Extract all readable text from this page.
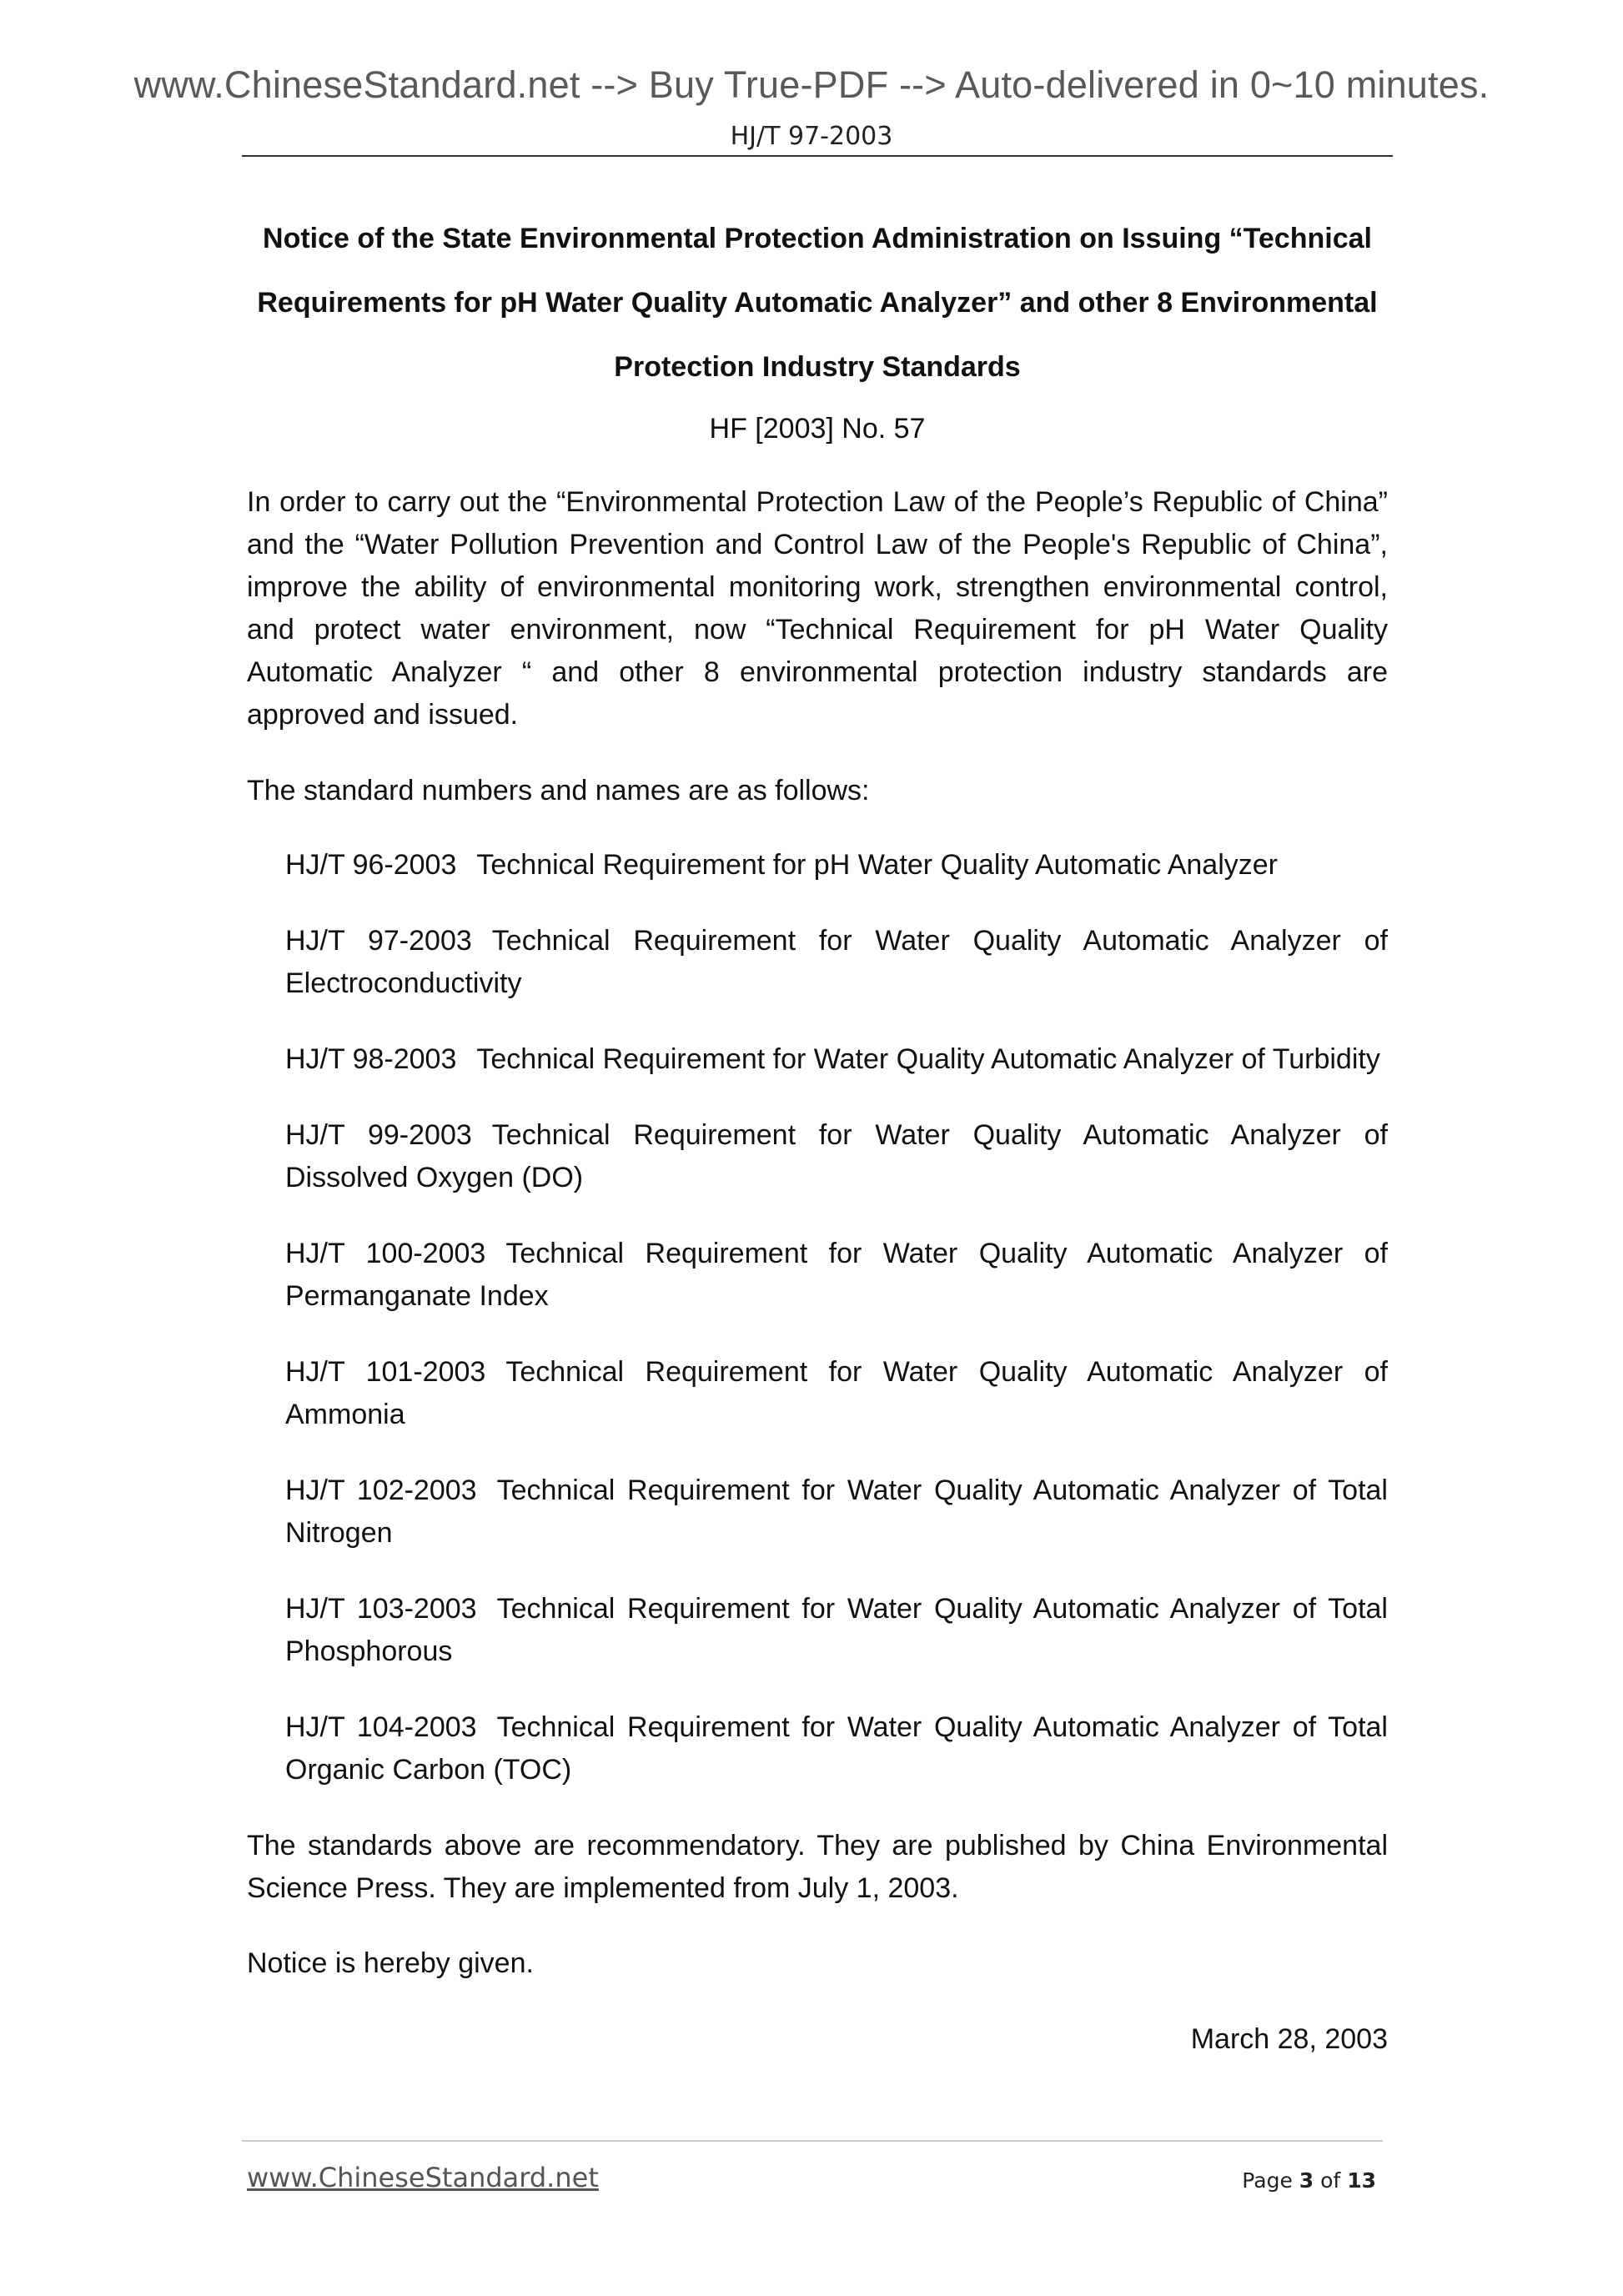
www.ChineseStandard.net --> Buy True-PDF --> Auto-delivered in 0~10 minutes.
HJ/T 97-2003

Notice of the State Environmental Protection Administration on Issuing “Technical

Requirements for pH Water Quality Automatic Analyzer” and other 8 Environmental

Protection Industry Standards

HF [2003] No. 57

In order to carry out the “Environmental Protection Law of the People’s Republic of China” and the “Water Pollution Prevention and Control Law of the People's Republic of China”, improve the ability of environmental monitoring work, strengthen environmental control, and protect water environment, now “Technical Requirement for pH Water Quality Automatic Analyzer “ and other 8 environmental protection industry standards are approved and issued.

The standard numbers and names are as follows:

HJ/T 96-2003 Technical Requirement for pH Water Quality Automatic Analyzer
HJ/T 97-2003 Technical Requirement for Water Quality Automatic Analyzer of Electroconductivity
HJ/T 98-2003 Technical Requirement for Water Quality Automatic Analyzer of Turbidity
HJ/T 99-2003 Technical Requirement for Water Quality Automatic Analyzer of Dissolved Oxygen (DO)
HJ/T 100-2003 Technical Requirement for Water Quality Automatic Analyzer of Permanganate Index
HJ/T 101-2003 Technical Requirement for Water Quality Automatic Analyzer of Ammonia
HJ/T 102-2003 Technical Requirement for Water Quality Automatic Analyzer of Total Nitrogen
HJ/T 103-2003 Technical Requirement for Water Quality Automatic Analyzer of Total Phosphorous
HJ/T 104-2003 Technical Requirement for Water Quality Automatic Analyzer of Total Organic Carbon (TOC)

The standards above are recommendatory. They are published by China Environmental Science Press. They are implemented from July 1, 2003.

Notice is hereby given.

March 28, 2003

www.ChineseStandard.net	Page 3 of 13
